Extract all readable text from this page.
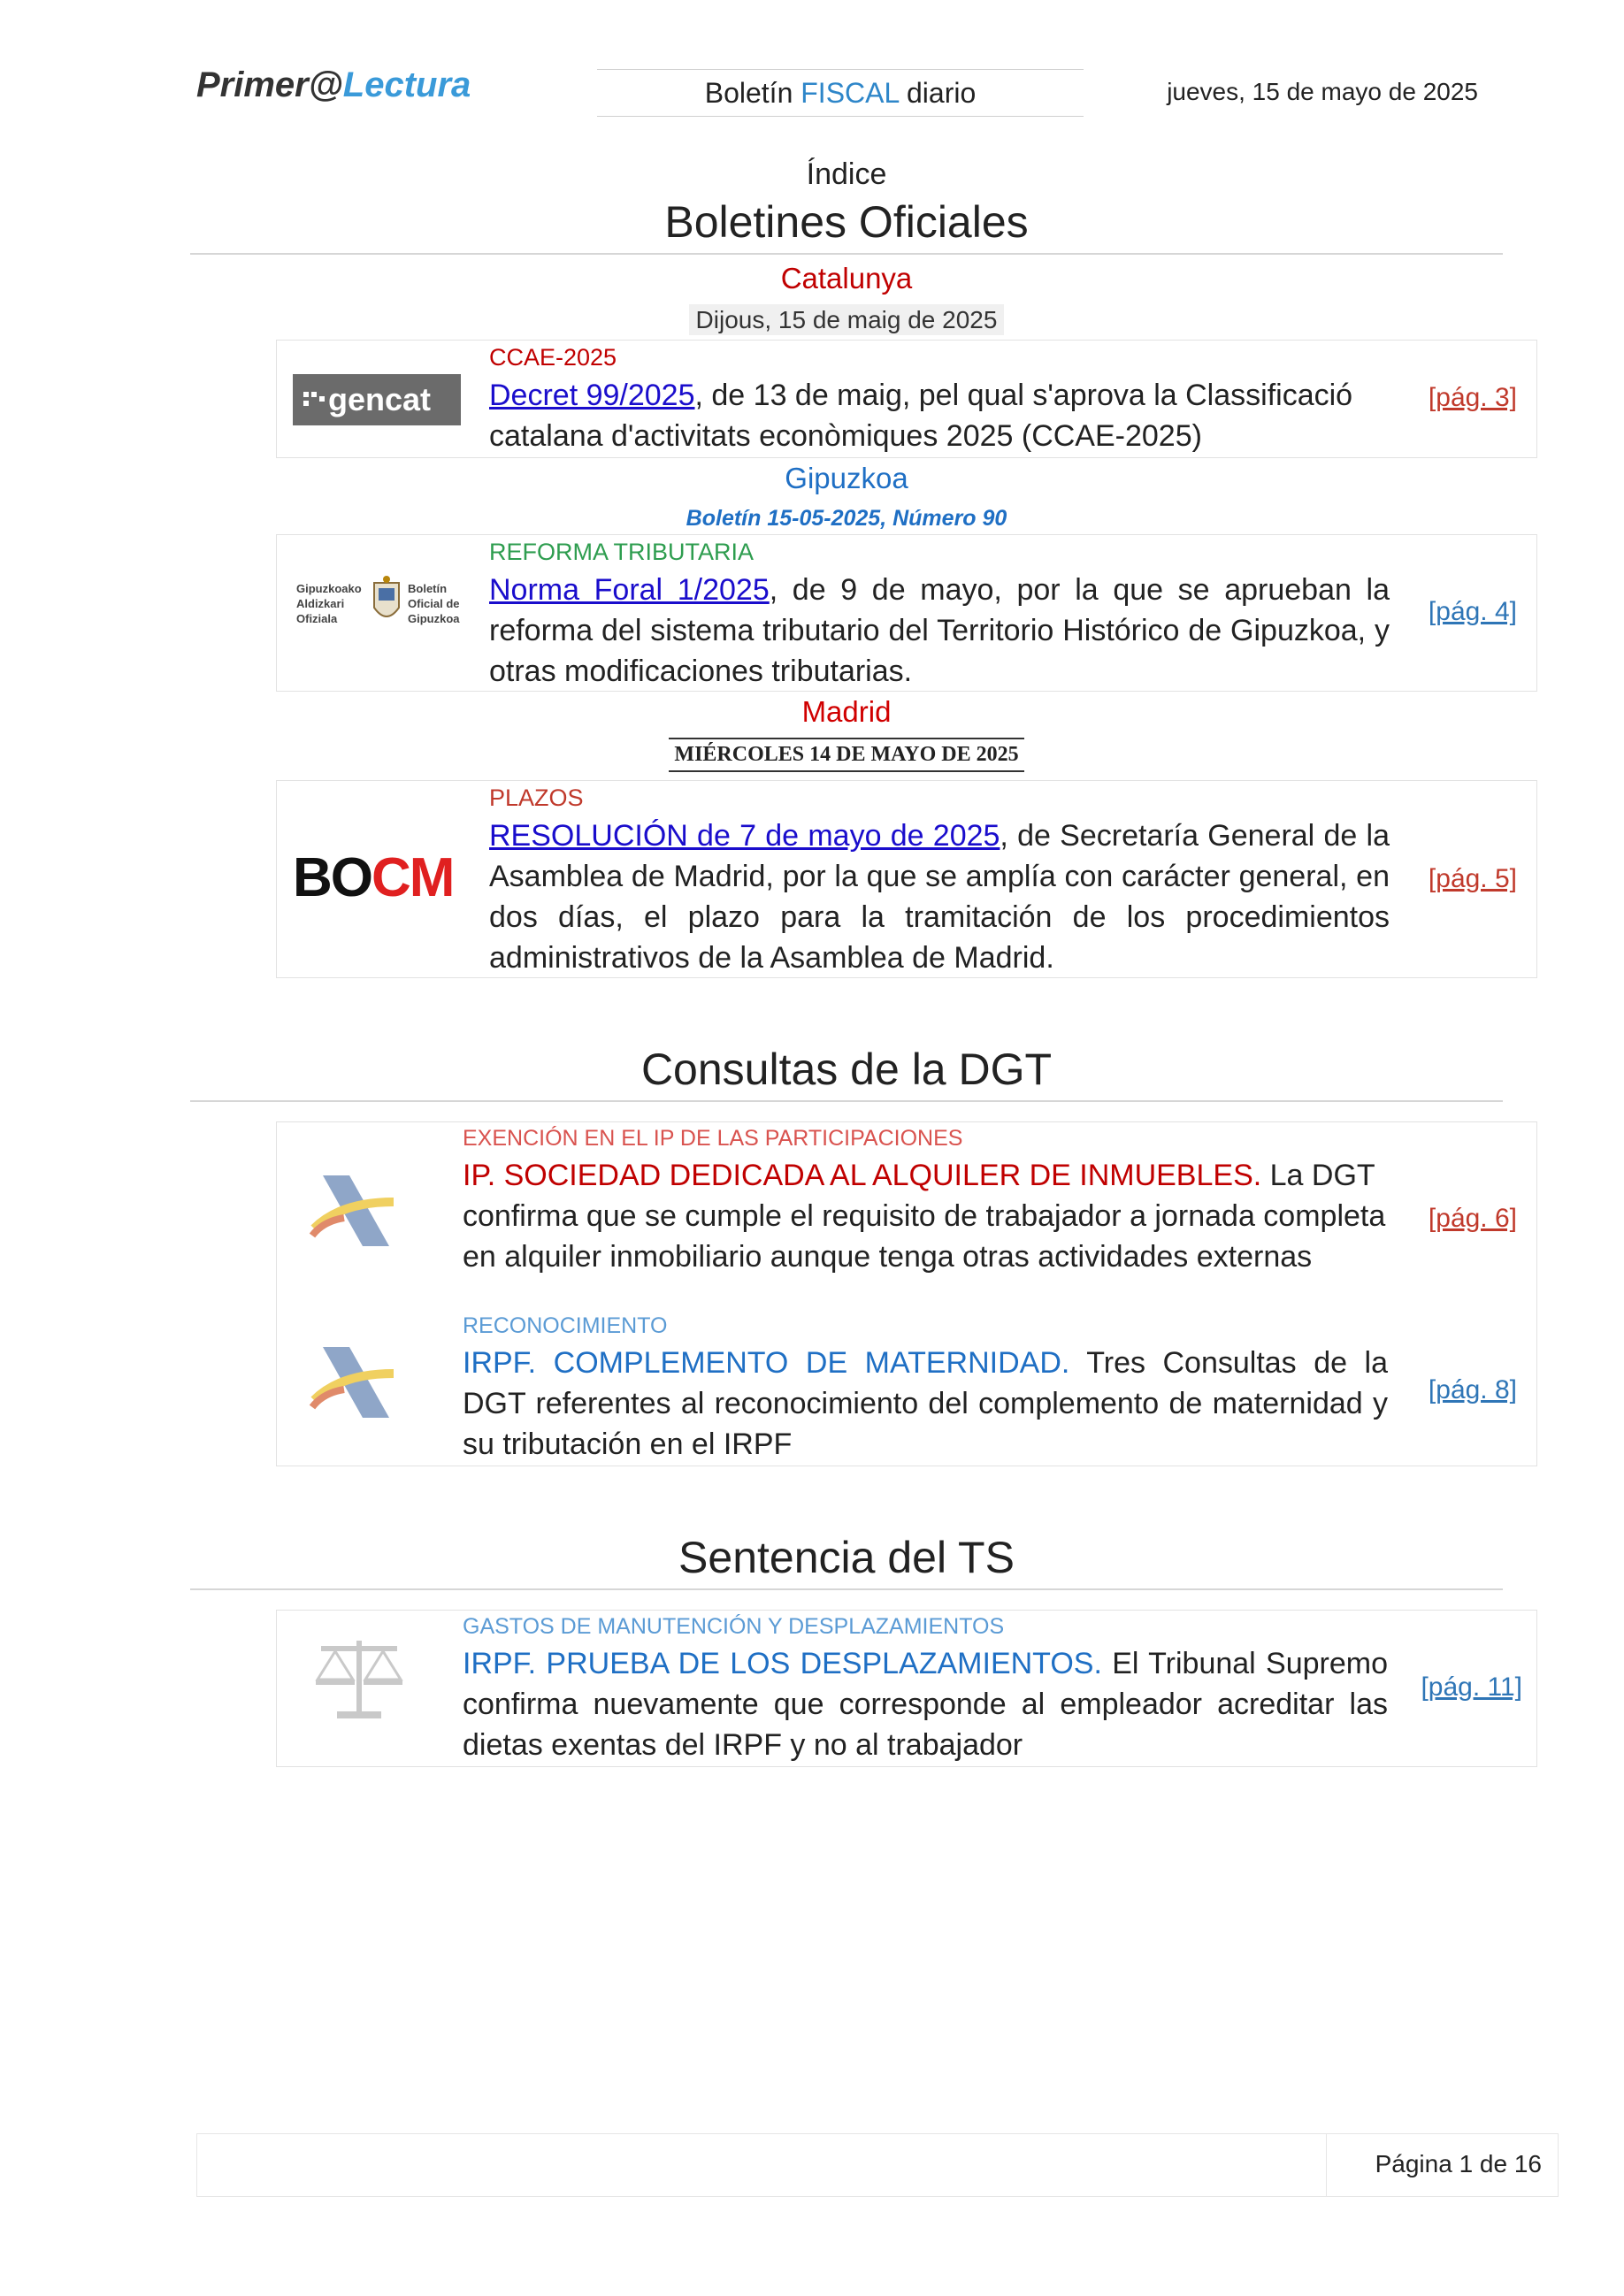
Primer@Lectura	Boletín FISCAL diario	jueves, 15 de mayo de 2025
Índice
Boletines Oficiales
Catalunya
Dijous, 15 de maig de 2025
gencat
CCAE-2025
Decret 99/2025, de 13 de maig, pel qual s'aprova la Classificació catalana d'activitats econòmiques 2025 (CCAE-2025)
[pág. 3]
Gipuzkoa
Boletín 15-05-2025, Número 90
Gipuzkoako
Aldizkari
Ofiziala
Boletín
Oficial de
Gipuzkoa
REFORMA TRIBUTARIA
Norma Foral 1/2025, de 9 de mayo, por la que se aprueban la reforma del sistema tributario del Territorio Histórico de Gipuzkoa, y otras modificaciones tributarias.
[pág. 4]
Madrid
MIÉRCOLES 14 DE MAYO DE 2025
BOCM
PLAZOS
RESOLUCIÓN de 7 de mayo de 2025, de Secretaría General de la Asamblea de Madrid, por la que se amplía con carácter general, en dos días, el plazo para la tramitación de los procedimientos administrativos de la Asamblea de Madrid.
[pág. 5]
Consultas de la DGT
EXENCIÓN EN EL IP DE LAS PARTICIPACIONES
IP. SOCIEDAD DEDICADA AL ALQUILER DE INMUEBLES. La DGT confirma que se cumple el requisito de trabajador a jornada completa en alquiler inmobiliario aunque tenga otras actividades externas
[pág. 6]
RECONOCIMIENTO
IRPF. COMPLEMENTO DE MATERNIDAD. Tres Consultas de la DGT referentes al reconocimiento del complemento de maternidad y su tributación en el IRPF
[pág. 8]
Sentencia del TS
GASTOS DE MANUTENCIÓN Y DESPLAZAMIENTOS
IRPF. PRUEBA DE LOS DESPLAZAMIENTOS. El Tribunal Supremo confirma nuevamente que corresponde al empleador acreditar las dietas exentas del IRPF y no al trabajador
[pág. 11]
Página 1 de 16
